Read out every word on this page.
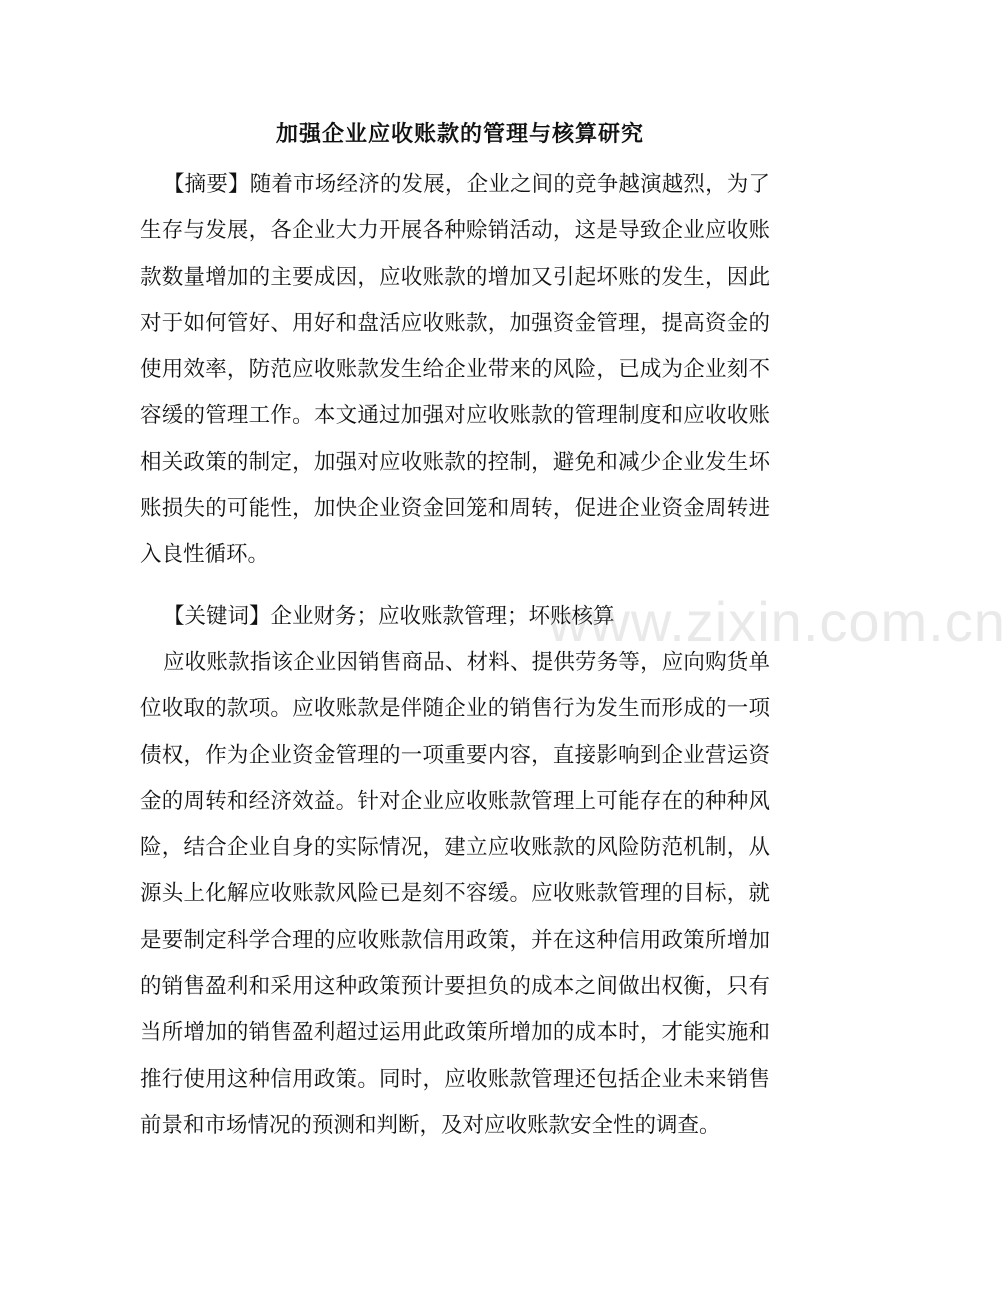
加强企业应收账款的管理与核算研究

【摘要】随着市场经济的发展，企业之间的竞争越演越烈，为了生存与发展，各企业大力开展各种赊销活动，这是导致企业应收账款数量增加的主要成因，应收账款的增加又引起坏账的发生，因此对于如何管好、用好和盘活应收账款，加强资金管理，提高资金的使用效率，防范应收账款发生给企业带来的风险，已成为企业刻不容缓的管理工作。本文通过加强对应收账款的管理制度和应收收账相关政策的制定，加强对应收账款的控制，避免和减少企业发生坏账损失的可能性，加快企业资金回笼和周转，促进企业资金周转进入良性循环。

【关键词】企业财务；应收账款管理；坏账核算

应收账款指该企业因销售商品、材料、提供劳务等，应向购货单位收取的款项。应收账款是伴随企业的销售行为发生而形成的一项债权，作为企业资金管理的一项重要内容，直接影响到企业营运资金的周转和经济效益。针对企业应收账款管理上可能存在的种种风险，结合企业自身的实际情况，建立应收账款的风险防范机制，从源头上化解应收账款风险已是刻不容缓。应收账款管理的目标，就是要制定科学合理的应收账款信用政策，并在这种信用政策所增加的销售盈利和采用这种政策预计要担负的成本之间做出权衡，只有当所增加的销售盈利超过运用此政策所增加的成本时，才能实施和推行使用这种信用政策。同时，应收账款管理还包括企业未来销售前景和市场情况的预测和判断，及对应收账款安全性的调查。

www.zixin.com.cn
